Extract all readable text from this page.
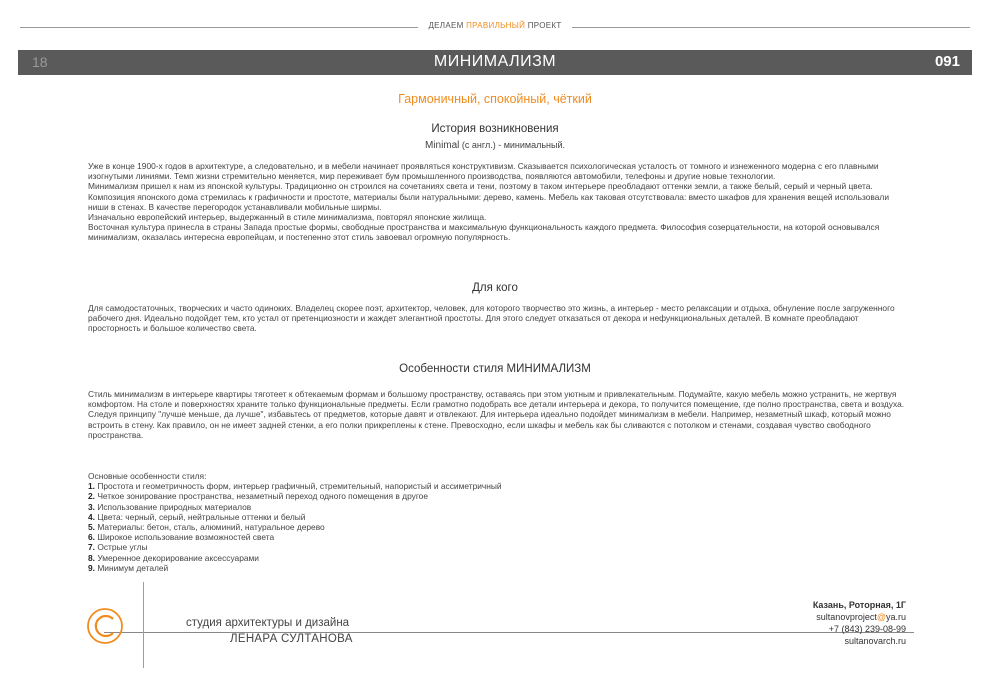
ДЕЛАЕМ ПРАВИЛЬНЫЙ ПРОЕКТ
18	МИНИМАЛИЗМ	091
Гармоничный, спокойный, чёткий
История возникновения
Minimal (с англ.) - минимальный.

Уже в конце 1900-х годов в архитектуре, а следовательно, и в мебели начинает проявляться конструктивизм. Сказывается психологическая усталость от томного и изнеженного модерна с его плавными изогнутыми линиями. Темп жизни стремительно меняется, мир переживает бум промышленного производства, появляются автомобили, телефоны и другие новые технологии.
Минимализм пришел к нам из японской культуры. Традиционно он строился на сочетаниях света и тени, поэтому в таком интерьере преобладают оттенки земли, а также белый, серый и черный цвета. Композиция японского дома стремилась к графичности и простоте, материалы были натуральными: дерево, камень. Мебель как таковая отсутствовала: вместо шкафов для хранения вещей использовали ниши в стенах. В качестве перегородок устанавливали мобильные ширмы.
Изначально европейский интерьер, выдержанный в стиле минимализма, повторял японские жилища.
Восточная культура принесла в страны Запада простые формы, свободные пространства и максимальную функциональность каждого предмета. Философия созерцательности, на которой основывался минимализм, оказалась интересна европейцам, и постепенно этот стиль завоевал огромную популярность.

Для кого

Для самодостаточных, творческих и часто одиноких. Владелец скорее поэт, архитектор, человек, для которого творчество это жизнь, а интерьер - место релаксации и отдыха, обнуление после загруженного рабочего дня. Идеально подойдет тем, кто устал от претенциозности и жаждет элегантной простоты. Для этого следует отказаться от декора и нефункциональных деталей. В комнате преобладают просторность и большое количество света.

Особенности стиля МИНИМАЛИЗМ

Стиль минимализм в интерьере квартиры тяготеет к обтекаемым формам и большому пространству, оставаясь при этом уютным и привлекательным. Подумайте, какую мебель можно устранить, не жертвуя комфортом. На столе и поверхностях храните только функциональные предметы. Если грамотно подобрать все детали интерьера и декора, то получится помещение, где полно пространства, света и воздуха.
Следуя принципу "лучше меньше, да лучше", избавьтесь от предметов, которые давят и отвлекают. Для интерьера идеально подойдет минимализм в мебели. Например, незаметный шкаф, который можно встроить в стену. Как правило, он не имеет задней стенки, а его полки прикреплены к стене. Превосходно, если шкафы и мебель как бы сливаются с потолком и стенами, создавая чувство свободного пространства.

Основные особенности стиля:
1. Простота и геометричность форм, интерьер графичный, стремительный, напористый и ассиметричный
2. Четкое зонирование пространства, незаметный переход одного помещения в другое
3. Использование природных материалов
4. Цвета: черный, серый, нейтральные оттенки и белый
5. Материалы: бетон, сталь, алюминий, натуральное дерево
6. Широкое использование возможностей света
7. Острые углы
8. Умеренное декорирование аксессуарами
9. Минимум деталей
студия архитектуры и дизайна
ЛЕНАРА СУЛТАНОВА
Казань, Роторная, 1Г
sultanovproject@ya.ru
+7 (843) 239-08-99
sultanovarch.ru
